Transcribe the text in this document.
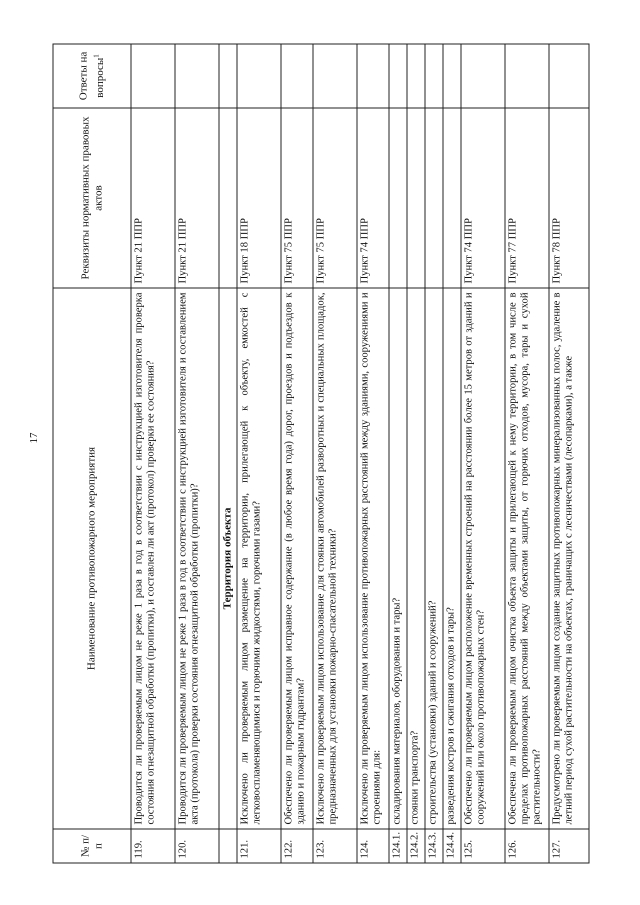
17
№ п/п	Наименование противопожарного мероприятия	Реквизиты нормативных правовых актов	Ответы на вопросы$^1$
119.	Проводится ли проверяемым лицом не реже 1 раза в год в соответствии с инструкцией изготовителя проверка состояния огнезащитной обработки (пропитки), и составлен ли акт (протокол) проверки ее состояния?	Пункт 21 ППР	
120.	Проводится ли проверяемым лицом не реже 1 раза в год в соответствии с инструкцией изготовителя и составлением акта (протокола) проверки состояния огнезащитной обработки (пропитки)?	Пункт 21 ППР	
	Территория объекта		
121.	Исключено ли проверяемым лицом размещение на территории, прилегающей к объекту, емкостей с легковоспламеняющимися и горючими жидкостями, горючими газами?	Пункт 18 ППР	
122.	Обеспечено ли проверяемым лицом исправное содержание (в любое время года) дорог, проездов и подъездов к зданию и пожарным гидрантам?	Пункт 75 ППР	
123.	Исключено ли проверяемым лицом использование для стоянки автомобилей разворотных и специальных площадок, предназначенных для установки пожарно-спасательной техники?	Пункт 75 ППР	
124.	Исключено ли проверяемым лицом использование противопожарных расстояний между зданиями, сооружениями и строениями для:	Пункт 74 ППР	
124.1.	складирования материалов, оборудования и тары?		
124.2.	стоянки транспорта?		
124.3.	строительства (установки) зданий и сооружений?		
124.4.	разведения костров и сжигания отходов и тары?		
125.	Обеспечено ли проверяемым лицом расположение временных строений на расстоянии более 15 метров от зданий и сооружений или около противопожарных стен?	Пункт 74 ППР	
126.	Обеспечена ли проверяемым лицом очистка объекта защиты и прилегающей к нему территории, в том числе в пределах противопожарных расстояний между объектами защиты, от горючих отходов, мусора, тары и сухой растительности?	Пункт 77 ППР	
127.	Предусмотрено ли проверяемым лицом создание защитных противопожарных минерализованных полос, удаление в летний период сухой растительности на объектах, граничащих с лесничествами (лесопарками), а также	Пункт 78 ППР	
